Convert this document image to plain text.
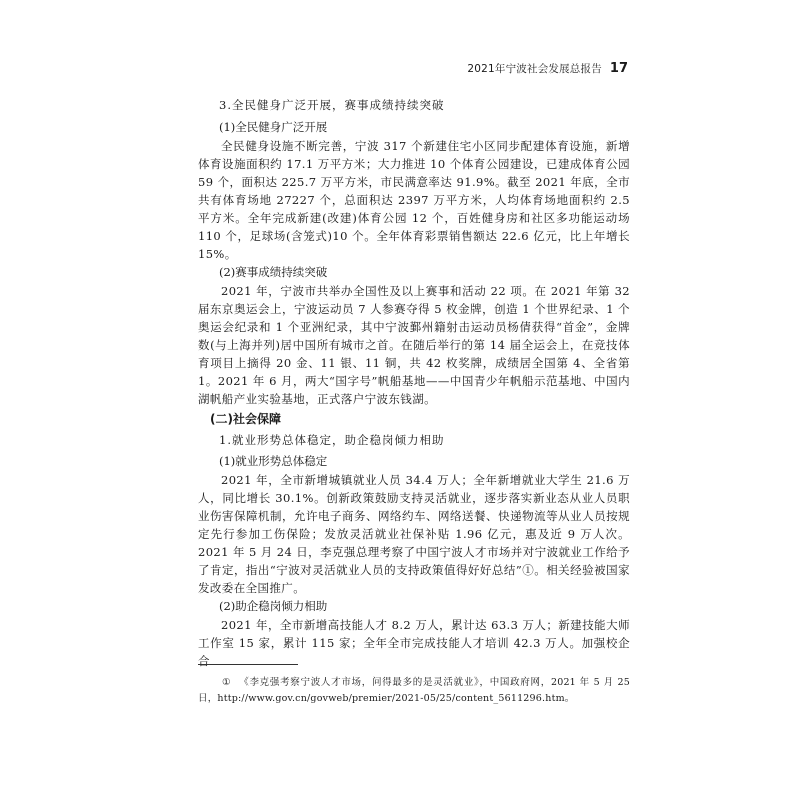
2021年宁波社会发展总报告 17
3.全民健身广泛开展，赛事成绩持续突破
(1)全民健身广泛开展

全民健身设施不断完善，宁波 317 个新建住宅小区同步配建体育设施，新增体育设施面积约 17.1 万平方米；大力推进 10 个体育公园建设，已建成体育公园 59 个，面积达 225.7 万平方米，市民满意率达 91.9%。截至 2021 年底，全市共有体育场地 27227 个，总面积达 2397 万平方米，人均体育场地面积约 2.5 平方米。全年完成新建(改建)体育公园 12 个，百姓健身房和社区多功能运动场 110 个，足球场(含笼式)10 个。全年体育彩票销售额达 22.6 亿元，比上年增长 15%。

(2)赛事成绩持续突破

2021 年，宁波市共举办全国性及以上赛事和活动 22 项。在 2021 年第 32 届东京奥运会上，宁波运动员 7 人参赛夺得 5 枚金牌，创造 1 个世界纪录、1 个奥运会纪录和 1 个亚洲纪录，其中宁波鄞州籍射击运动员杨倩获得“首金”，金牌数(与上海并列)居中国所有城市之首。在随后举行的第 14 届全运会上，在竞技体育项目上摘得 20 金、11 银、11 铜，共 42 枚奖牌，成绩居全国第 4、全省第 1。2021 年 6 月，两大“国字号”帆船基地——中国青少年帆船示范基地、中国内湖帆船产业实验基地，正式落户宁波东钱湖。

(二)社会保障
1.就业形势总体稳定，助企稳岗倾力相助
(1)就业形势总体稳定

2021 年，全市新增城镇就业人员 34.4 万人；全年新增就业大学生 21.6 万人，同比增长 30.1%。创新政策鼓励支持灵活就业，逐步落实新业态从业人员职业伤害保障机制，允许电子商务、网络约车、网络送餐、快递物流等从业人员按规定先行参加工伤保险；发放灵活就业社保补贴 1.96 亿元，惠及近 9 万人次。2021 年 5 月 24 日，李克强总理考察了中国宁波人才市场并对宁波就业工作给予了肯定，指出“宁波对灵活就业人员的支持政策值得好好总结”①。相关经验被国家发改委在全国推广。

(2)助企稳岗倾力相助

2021 年，全市新增高技能人才 8.2 万人，累计达 63.3 万人；新建技能大师工作室 15 家，累计 115 家；全年全市完成技能人才培训 42.3 万人。加强校企合

① 《李克强考察宁波人才市场，问得最多的是灵活就业》，中国政府网，2021 年 5 月 25 日，http://www.gov.cn/govweb/premier/2021-05/25/content_5611296.htm。
